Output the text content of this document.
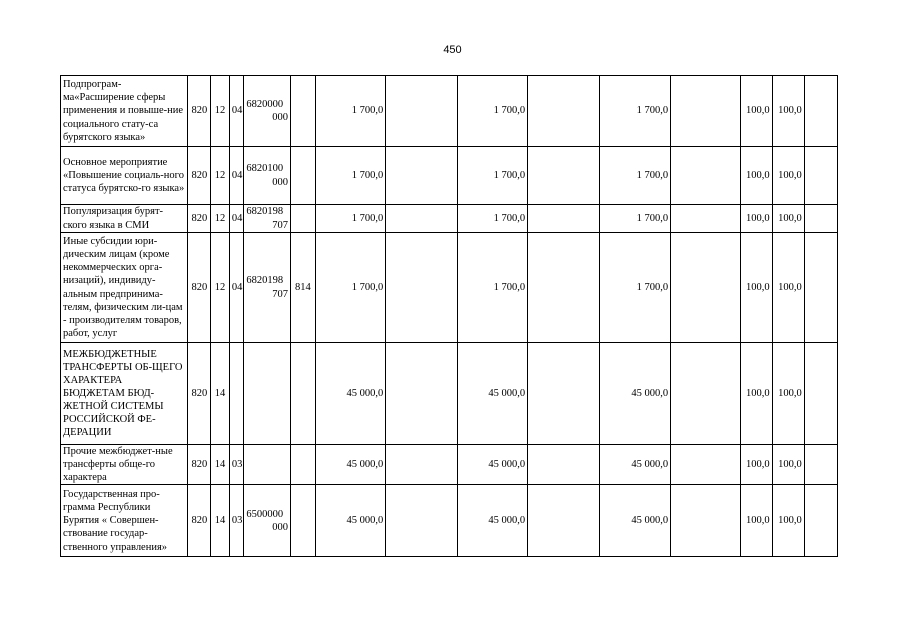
450
Подпрограм-ма«Расширение сферы применения и повыше-ние социального стату-са бурятского языка»	820	12	04	6820000
000		1 700,0		1 700,0		1 700,0		100,0	100,0	
Основное мероприятие «Повышение социаль-ного статуса бурятско-го языка»	820	12	04	6820100
000		1 700,0		1 700,0		1 700,0		100,0	100,0	
Популяризация бурят-ского языка в СМИ	820	12	04	6820198
707		1 700,0		1 700,0		1 700,0		100,0	100,0	
Иные субсидии юри-дическим лицам (кроме некоммерческих орга-низаций), индивиду-альным предпринима-телям, физическим ли-цам - производителям товаров, работ, услуг	820	12	04	6820198
707	814	1 700,0		1 700,0		1 700,0		100,0	100,0	
МЕЖБЮДЖЕТНЫЕ ТРАНСФЕРТЫ ОБ-ЩЕГО ХАРАКТЕРА БЮДЖЕТАМ БЮД-ЖЕТНОЙ СИСТЕМЫ РОССИЙСКОЙ ФЕ-ДЕРАЦИИ	820	14				45 000,0		45 000,0		45 000,0		100,0	100,0	
Прочие межбюджет-ные трансферты обще-го характера	820	14	03			45 000,0		45 000,0		45 000,0		100,0	100,0	
Государственная про-грамма Республики Бурятия « Совершен-ствование государ-ственного управления»	820	14	03	6500000
000		45 000,0		45 000,0		45 000,0		100,0	100,0	
